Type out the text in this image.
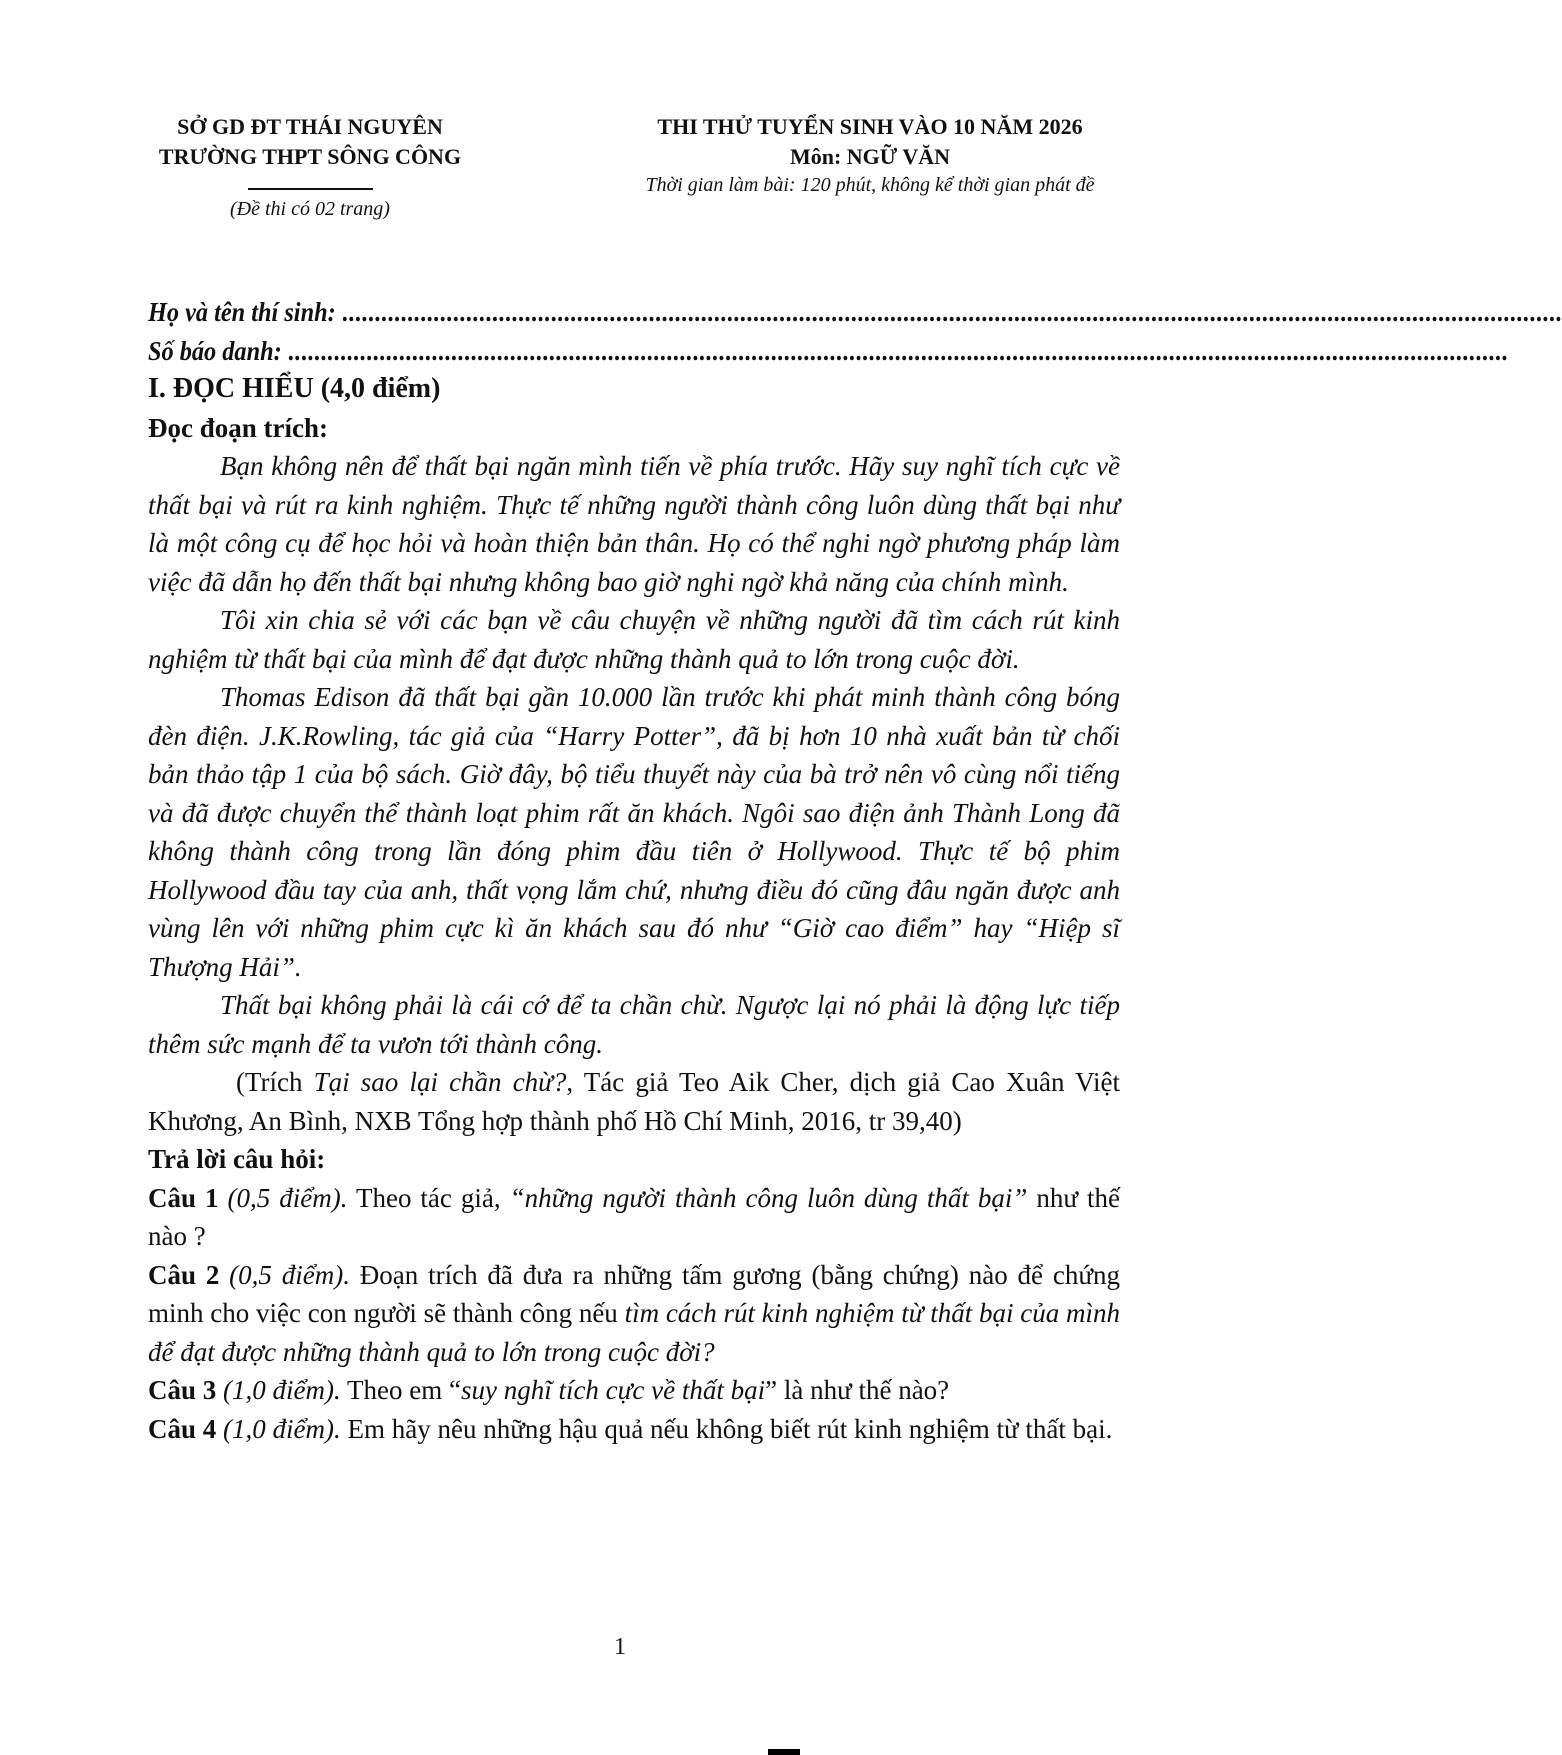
SỞ GD ĐT THÁI NGUYÊN
TRƯỜNG THPT SÔNG CÔNG
(Đề thi có 02 trang)
THI THỬ TUYỂN SINH VÀO 10 NĂM 2026
Môn: NGỮ VĂN
Thời gian làm bài: 120 phút, không kể thời gian phát đề
Họ và tên thí sinh:
...........................................................................................................................................................................................
Số báo danh:
...........................................................................................................................................................................................
I. ĐỌC HIỂU (4,0 điểm)
Đọc đoạn trích:
Bạn không nên để thất bại ngăn mình tiến về phía trước. Hãy suy nghĩ tích cực về thất bại và rút ra kinh nghiệm. Thực tế những người thành công luôn dùng thất bại như là một công cụ để học hỏi và hoàn thiện bản thân. Họ có thể nghi ngờ phương pháp làm việc đã dẫn họ đến thất bại nhưng không bao giờ nghi ngờ khả năng của chính mình.
Tôi xin chia sẻ với các bạn về câu chuyện về những người đã tìm cách rút kinh nghiệm từ thất bại của mình để đạt được những thành quả to lớn trong cuộc đời.
Thomas Edison đã thất bại gần 10.000 lần trước khi phát minh thành công bóng đèn điện. J.K.Rowling, tác giả của “Harry Potter”, đã bị hơn 10 nhà xuất bản từ chối bản thảo tập 1 của bộ sách. Giờ đây, bộ tiểu thuyết này của bà trở nên vô cùng nổi tiếng và đã được chuyển thể thành loạt phim rất ăn khách. Ngôi sao điện ảnh Thành Long đã không thành công trong lần đóng phim đầu tiên ở Hollywood. Thực tế bộ phim Hollywood đầu tay của anh, thất vọng lắm chứ, nhưng điều đó cũng đâu ngăn được anh vùng lên với những phim cực kì ăn khách sau đó như “Giờ cao điểm” hay “Hiệp sĩ Thượng Hải”.
Thất bại không phải là cái cớ để ta chần chừ. Ngược lại nó phải là động lực tiếp thêm sức mạnh để ta vươn tới thành công.
(Trích Tại sao lại chần chừ?, Tác giả Teo Aik Cher, dịch giả Cao Xuân Việt Khương, An Bình, NXB Tổng hợp thành phố Hồ Chí Minh, 2016, tr 39,40)
Trả lời câu hỏi:
Câu 1 (0,5 điểm). Theo tác giả, “những người thành công luôn dùng thất bại” như thế nào ?
Câu 2 (0,5 điểm). Đoạn trích đã đưa ra những tấm gương (bằng chứng) nào để chứng minh cho việc con người sẽ thành công nếu tìm cách rút kinh nghiệm từ thất bại của mình để đạt được những thành quả to lớn trong cuộc đời?
Câu 3 (1,0 điểm). Theo em “suy nghĩ tích cực về thất bại” là như thế nào?
Câu 4 (1,0 điểm). Em hãy nêu những hậu quả nếu không biết rút kinh nghiệm từ thất bại.
1
